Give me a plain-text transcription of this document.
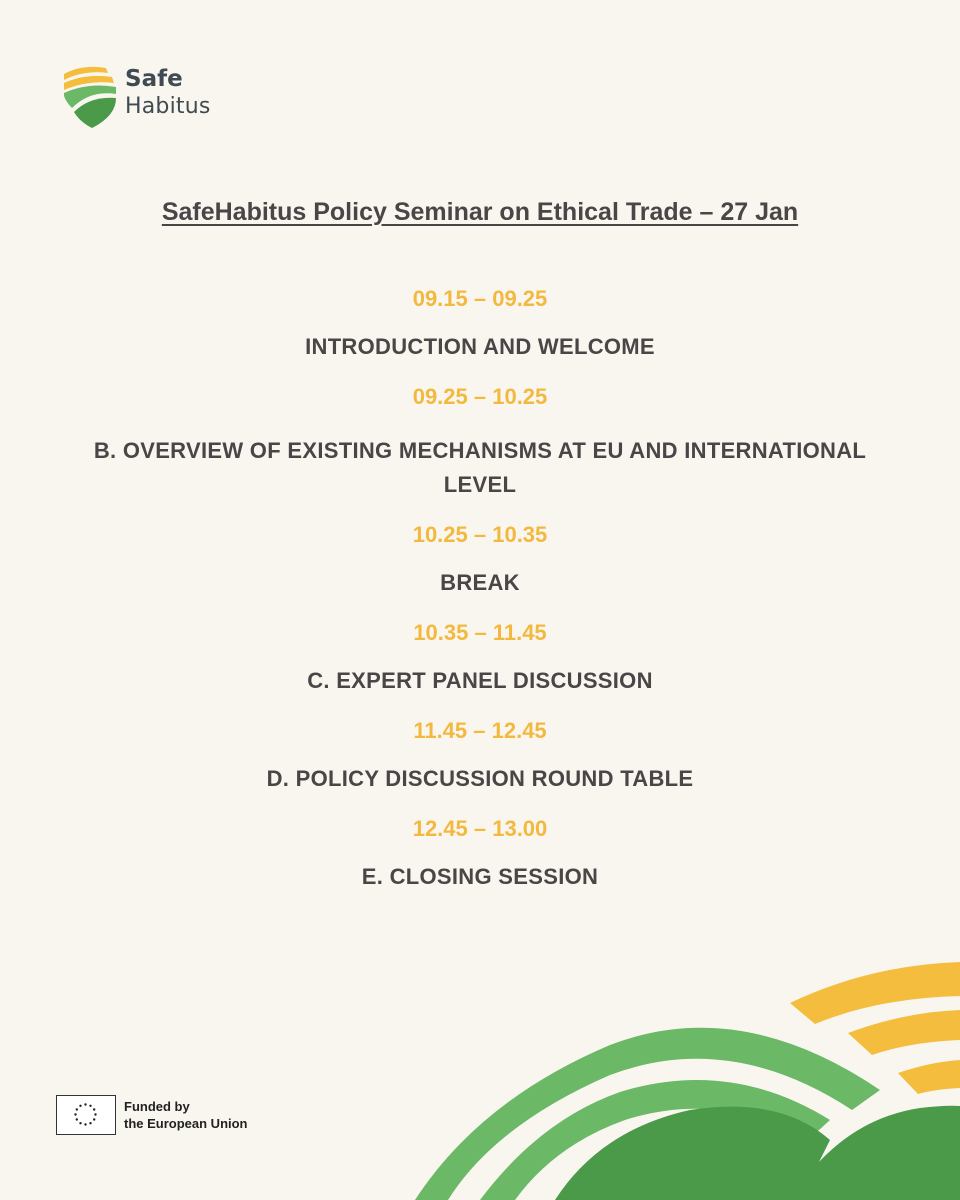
Safe
Habitus
SafeHabitus Policy Seminar on Ethical Trade – 27 Jan
09.15 – 09.25
INTRODUCTION AND WELCOME
09.25 – 10.25
B. OVERVIEW OF EXISTING MECHANISMS AT EU AND INTERNATIONAL LEVEL
10.25 – 10.35
BREAK
10.35 – 11.45
C. EXPERT PANEL DISCUSSION
11.45 – 12.45
D. POLICY DISCUSSION ROUND TABLE
12.45 – 13.00
E. CLOSING SESSION
Funded by
the European Union
